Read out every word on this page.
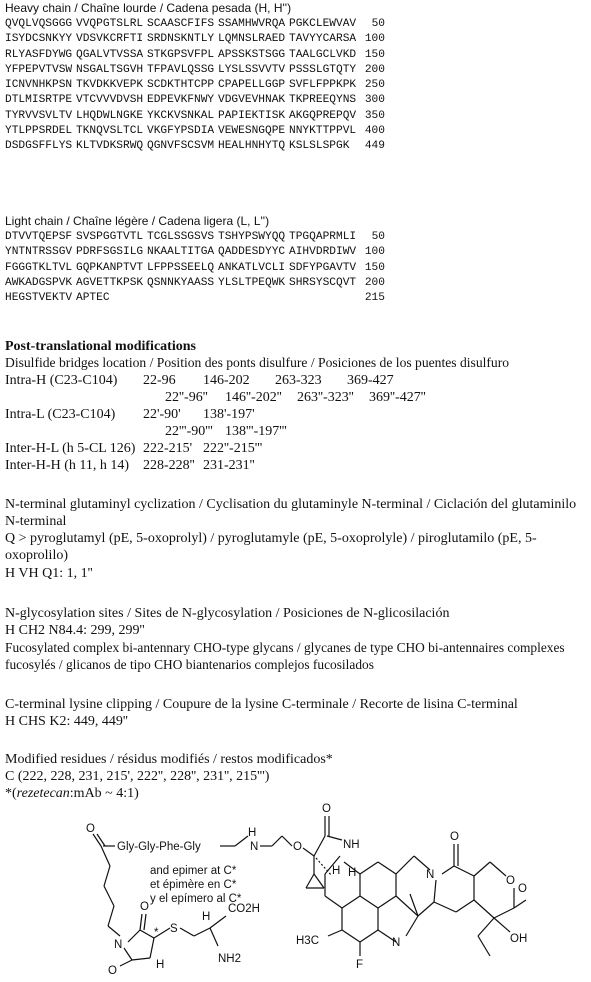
Heavy chain / Chaîne lourde / Cadena pesada (H, H'')
QVQLVQSGGG VVQPGTSLRL SCAASCFIFS SSAMHWVRQA PGKCLEWVAV	50
ISYDCSNKYY VDSVKCRFTI SRDNSKNTLY LQMNSLRAED TAVYYCARSA 100
RLYASFDYWG QGALVTVSSA STKGPSVFPL APSSKSTSGG TAALGCLVKD 150
YFPEPVTVSW NSGALTSGVH TFPAVLQSSG LYSLSSVVTV PSSSLGTQTY 200
ICNVNHKPSN TKVDKKVEPK SCDKTHTCPP CPAPELLGGP SVFLFPPKPK 250
DTLMISRTPE VTCVVVDVSH EDPEVKFNWY VDGVEVHNAK TKPREEQYNS 300
TYRVVSVLTV LHQDWLNGKE YKCKVSNKAL PAPIEKTISK AKGQPREPQV 350
YTLPPSRDEL TKNQVSLTCL VKGFYPSDIA VEWESNGQPE NNYKTTPPVL 400
DSDGSFFLYS KLTVDKSRWQ QGNVFSCSVM HEALHNHYTQ KSLSLSPGK	449
Light chain / Chaîne légère / Cadena ligera (L, L'')
DTVVTQEPSF SVSPGGTVTL TCGLSSGSVS TSHYPSWYQQ TPGQAPRMLI	50
YNTNTRSSGV PDRFSGSILG NKAALTITGA QADDESDYYC AIHVDRDIWV 100
FGGGTKLTVL GQPKANPTVT LFPPSSEELQ ANKATLVCLI SDFYPGAVTV 150
AWKADGSPVK AGVETTKPSK QSNNKYAASS YLSLTPEQWK SHRSYSCQVT 200
HEGSTVEKTV APTEC	215
Post-translational modifications
Disulfide bridges location / Position des ponts disulfure / Posiciones de los puentes disulfuro
Intra-H (C23-C104)	22-96	146-202	263-323	369-427
22''-96''	146''-202''	263''-323''	369''-427''
Intra-L (C23-C104)	22'-90'	138'-197'
22'''-90''' 138'''-197'''
Inter-H-L (h 5-CL 126) 222-215' 222''-215'''
Inter-H-H (h 11, h 14)	228-228'' 231-231''
N-terminal glutaminyl cyclization / Cyclisation du glutaminyle N-terminal / Ciclación del glutaminilo N-terminal
Q > pyroglutamyl (pE, 5-oxoprolyl) / pyroglutamyle (pE, 5-oxoprolyle) / piroglutamilo (pE, 5-oxoprolilo)
H VH Q1: 1, 1''
N-glycosylation sites / Sites de N-glycosylation / Posiciones de N-glicosilación
H CH2 N84.4: 299, 299''
Fucosylated complex bi-antennary CHO-type glycans / glycanes de type CHO bi-antennaires complexes fucosylés / glicanos de tipo CHO biantenarios complejos fucosilados
C-terminal lysine clipping / Coupure de la lysine C-terminale / Recorte de lisina C-terminal
H CHS K2: 449, 449''
Modified residues / résidus modifiés / restos modificados*
C (222, 228, 231, 215', 222'', 228'', 231'', 215''')
*(rezetecan:mAb ~ 4:1)
O
Gly-Gly-Phe-Gly
H
N	O
O
NH
H
and epimer at C*
et épimère en C*
y el epímero al C*
N
O
O
* S
H
H
CO2H
NH2
H
F
H3C	N
N
O
O
O
OH
